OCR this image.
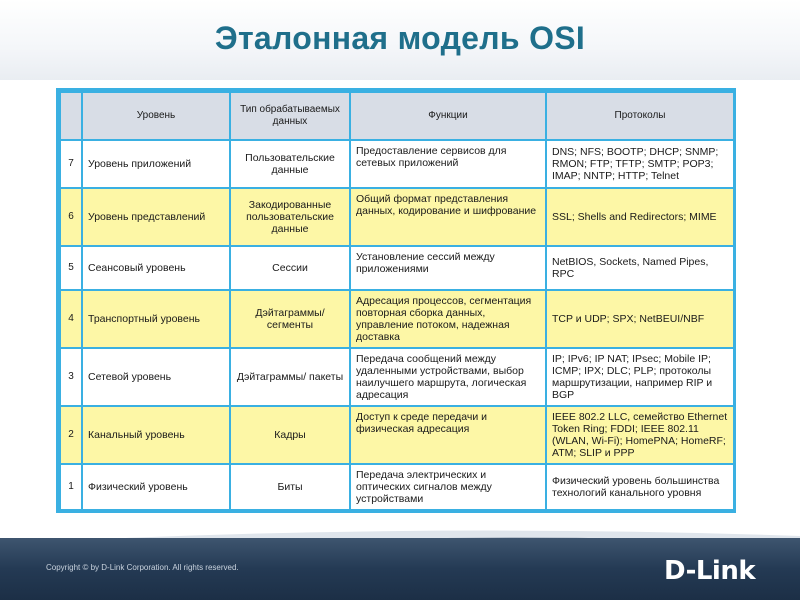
Эталонная модель OSI
	Уровень	Тип обрабатываемых данных	Функции	Протоколы
7	Уровень приложений	Пользовательские данные	Предоставление сервисов для сетевых приложений	DNS; NFS; BOOTP; DHCP; SNMP; RMON; FTP; TFTP; SMTP; POP3; IMAP; NNTP; HTTP; Telnet
6	Уровень представлений	Закодированные пользовательские данные	Общий формат представления данных, кодирование и шифрование	SSL; Shells and Redirectors; MIME
5	Сеансовый уровень	Сессии	Установление сессий между приложениями	NetBIOS, Sockets, Named Pipes, RPC
4	Транспортный уровень	Дэйтаграммы/ сегменты	Адресация процессов, сегментация повторная сборка данных, управление потоком, надежная доставка	TCP и UDP; SPX; NetBEUI/NBF
3	Сетевой уровень	Дэйтаграммы/ пакеты	Передача сообщений между удаленными устройствами, выбор наилучшего маршрута, логическая адресация	IP; IPv6; IP NAT; IPsec; Mobile IP; ICMP; IPX; DLC; PLP; протоколы маршрутизации, например RIP и BGP
2	Канальный уровень	Кадры	Доступ к среде передачи и физическая адресация	IEEE 802.2 LLC, семейство Ethernet Token Ring; FDDI; IEEE 802.11 (WLAN, Wi-Fi); HomePNA; HomeRF; ATM; SLIP и PPP
1	Физический уровень	Биты	Передача электрических и оптических сигналов между устройствами	Физический уровень большинства технологий канального уровня
Copyright © by D-Link Corporation. All rights reserved.	D-Link
